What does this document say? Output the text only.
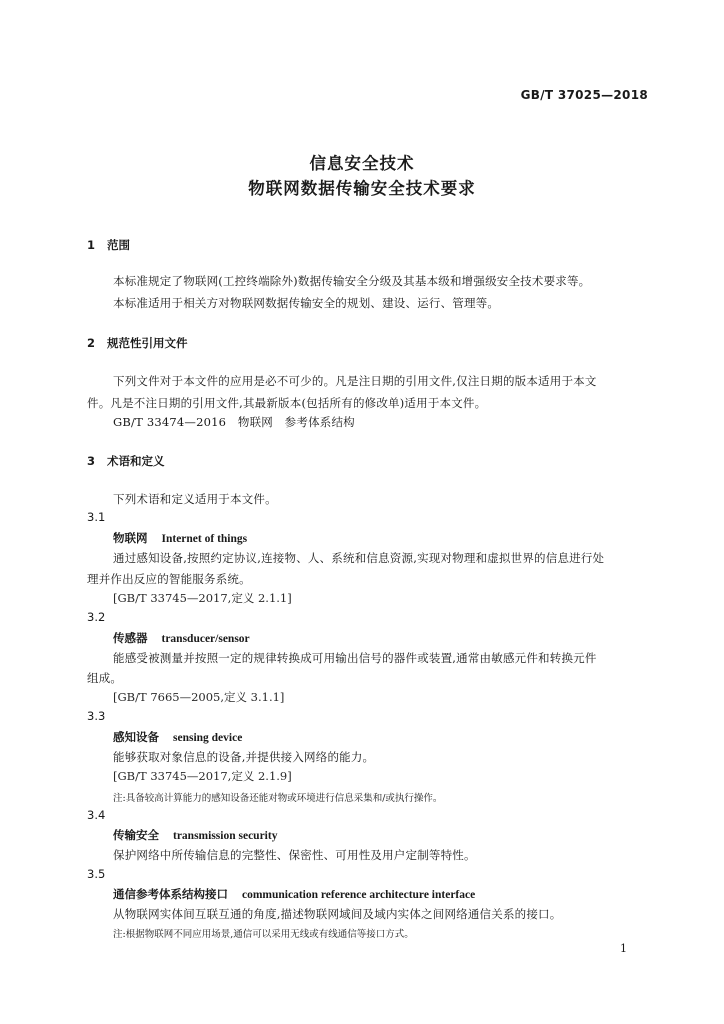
GB/T 37025—2018
信息安全技术
物联网数据传输安全技术要求
1 范围
本标准规定了物联网(工控终端除外)数据传输安全分级及其基本级和增强级安全技术要求等。
本标准适用于相关方对物联网数据传输安全的规划、建设、运行、管理等。
2 规范性引用文件
下列文件对于本文件的应用是必不可少的。凡是注日期的引用文件,仅注日期的版本适用于本文
件。凡是不注日期的引用文件,其最新版本(包括所有的修改单)适用于本文件。
GB/T 33474—2016　物联网　参考体系结构
3 术语和定义
下列术语和定义适用于本文件。
3.1
物联网 Internet of things
通过感知设备,按照约定协议,连接物、人、系统和信息资源,实现对物理和虚拟世界的信息进行处
理并作出反应的智能服务系统。
[GB/T 33745—2017,定义 2.1.1]
3.2
传感器 transducer/sensor
能感受被测量并按照一定的规律转换成可用输出信号的器件或装置,通常由敏感元件和转换元件
组成。
[GB/T 7665—2005,定义 3.1.1]
3.3
感知设备 sensing device
能够获取对象信息的设备,并提供接入网络的能力。
[GB/T 33745—2017,定义 2.1.9]
注:具备较高计算能力的感知设备还能对物或环境进行信息采集和/或执行操作。
3.4
传输安全 transmission security
保护网络中所传输信息的完整性、保密性、可用性及用户定制等特性。
3.5
通信参考体系结构接口 communication reference architecture interface
从物联网实体间互联互通的角度,描述物联网域间及域内实体之间网络通信关系的接口。
注:根据物联网不同应用场景,通信可以采用无线或有线通信等接口方式。
1
